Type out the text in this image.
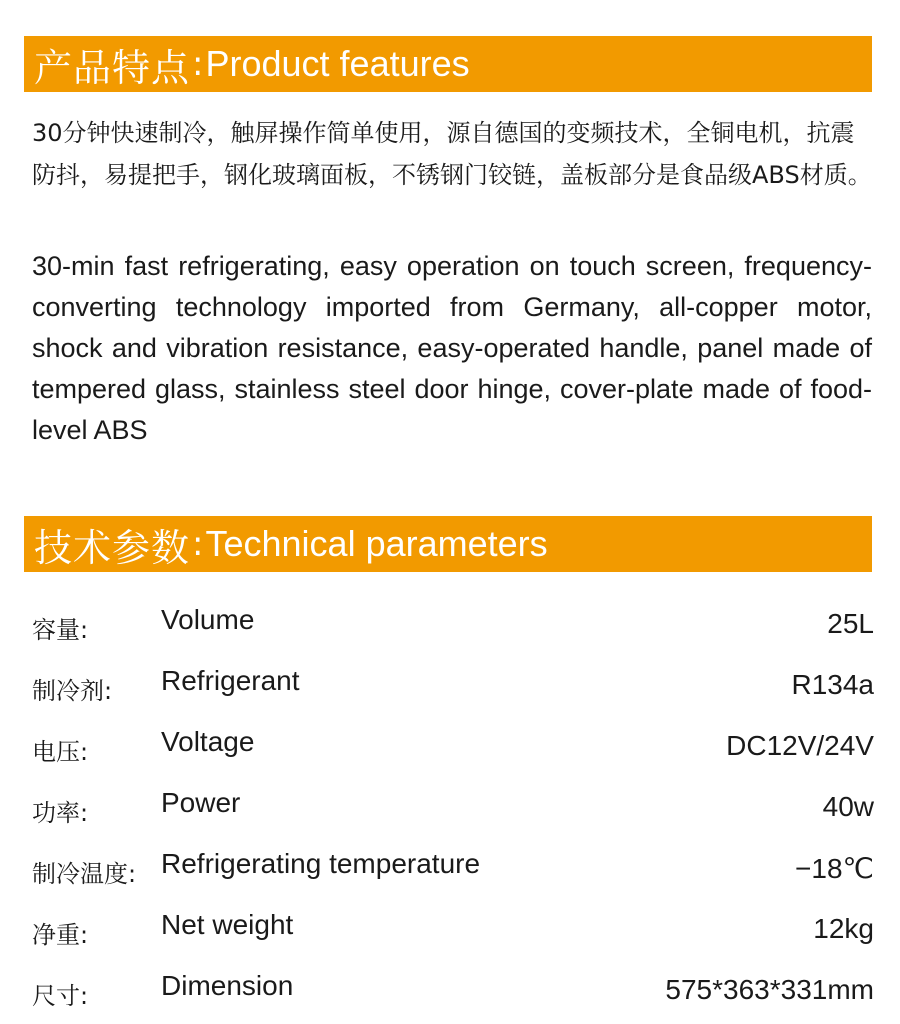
产品特点 : Product features

30分钟快速制冷，触屏操作简单使用，源自德国的变频技术，全铜电机，抗震防抖，易提把手，钢化玻璃面板，不锈钢门铰链，盖板部分是食品级ABS材质。

30-min fast refrigerating, easy operation on touch screen, frequency-converting technology imported from Germany, all-copper motor, shock and vibration resistance, easy-operated handle, panel made of tempered glass, stainless steel door hinge, cover-plate made of food-level ABS

技术参数 : Technical parameters
容量:	Volume	25L
制冷剂: Refrigerant	R134a
电压:	Voltage	DC12V/24V
功率:	Power	40w
制冷温度: Refrigerating temperature	−18℃
净重:	Net weight	12kg
尺寸:	Dimension	575*363*331mm
